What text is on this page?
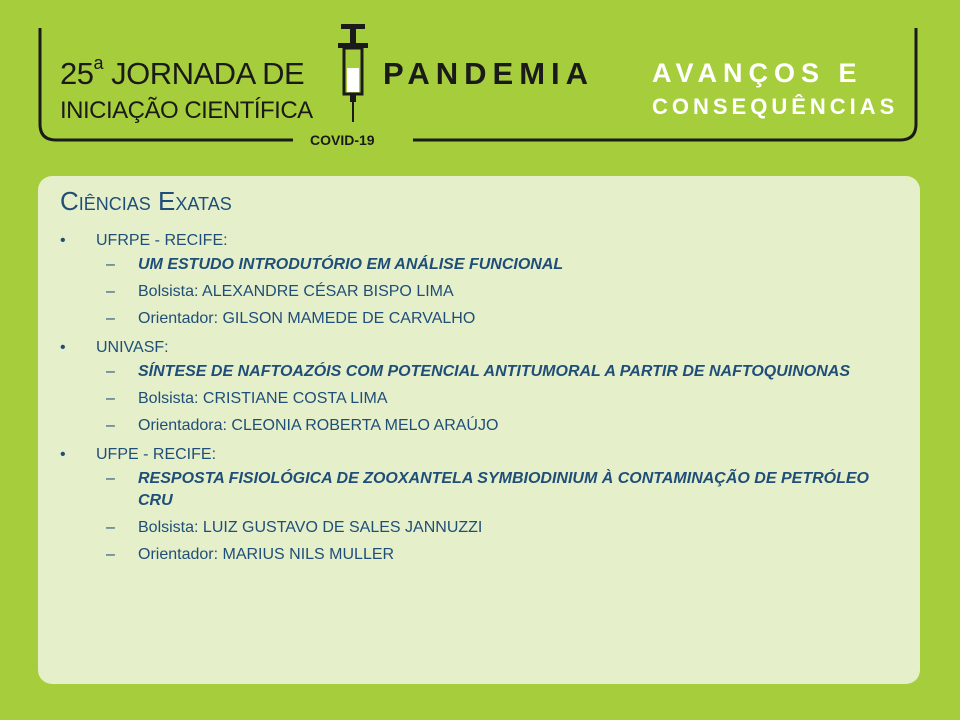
25$^a$ JORNADA DE
INICIAÇÃO CIENTÍFICA
COVID-19
PANDEMIA AVANÇOS E
CONSEQUÊNCIAS
Ciências Exatas
• UFRPE - RECIFE:
– UM ESTUDO INTRODUTÓRIO EM ANÁLISE FUNCIONAL
– Bolsista: ALEXANDRE CÉSAR BISPO LIMA
– Orientador: GILSON MAMEDE DE CARVALHO
• UNIVASF:
– SÍNTESE DE NAFTOAZÓIS COM POTENCIAL ANTITUMORAL A PARTIR DE NAFTOQUINONAS
– Bolsista: CRISTIANE COSTA LIMA
– Orientadora: CLEONIA ROBERTA MELO ARAÚJO
• UFPE - RECIFE:
– RESPOSTA FISIOLÓGICA DE ZOOXANTELA SYMBIODINIUM À CONTAMINAÇÃO DE PETRÓLEO CRU
– Bolsista: LUIZ GUSTAVO DE SALES JANNUZZI
– Orientador: MARIUS NILS MULLER
